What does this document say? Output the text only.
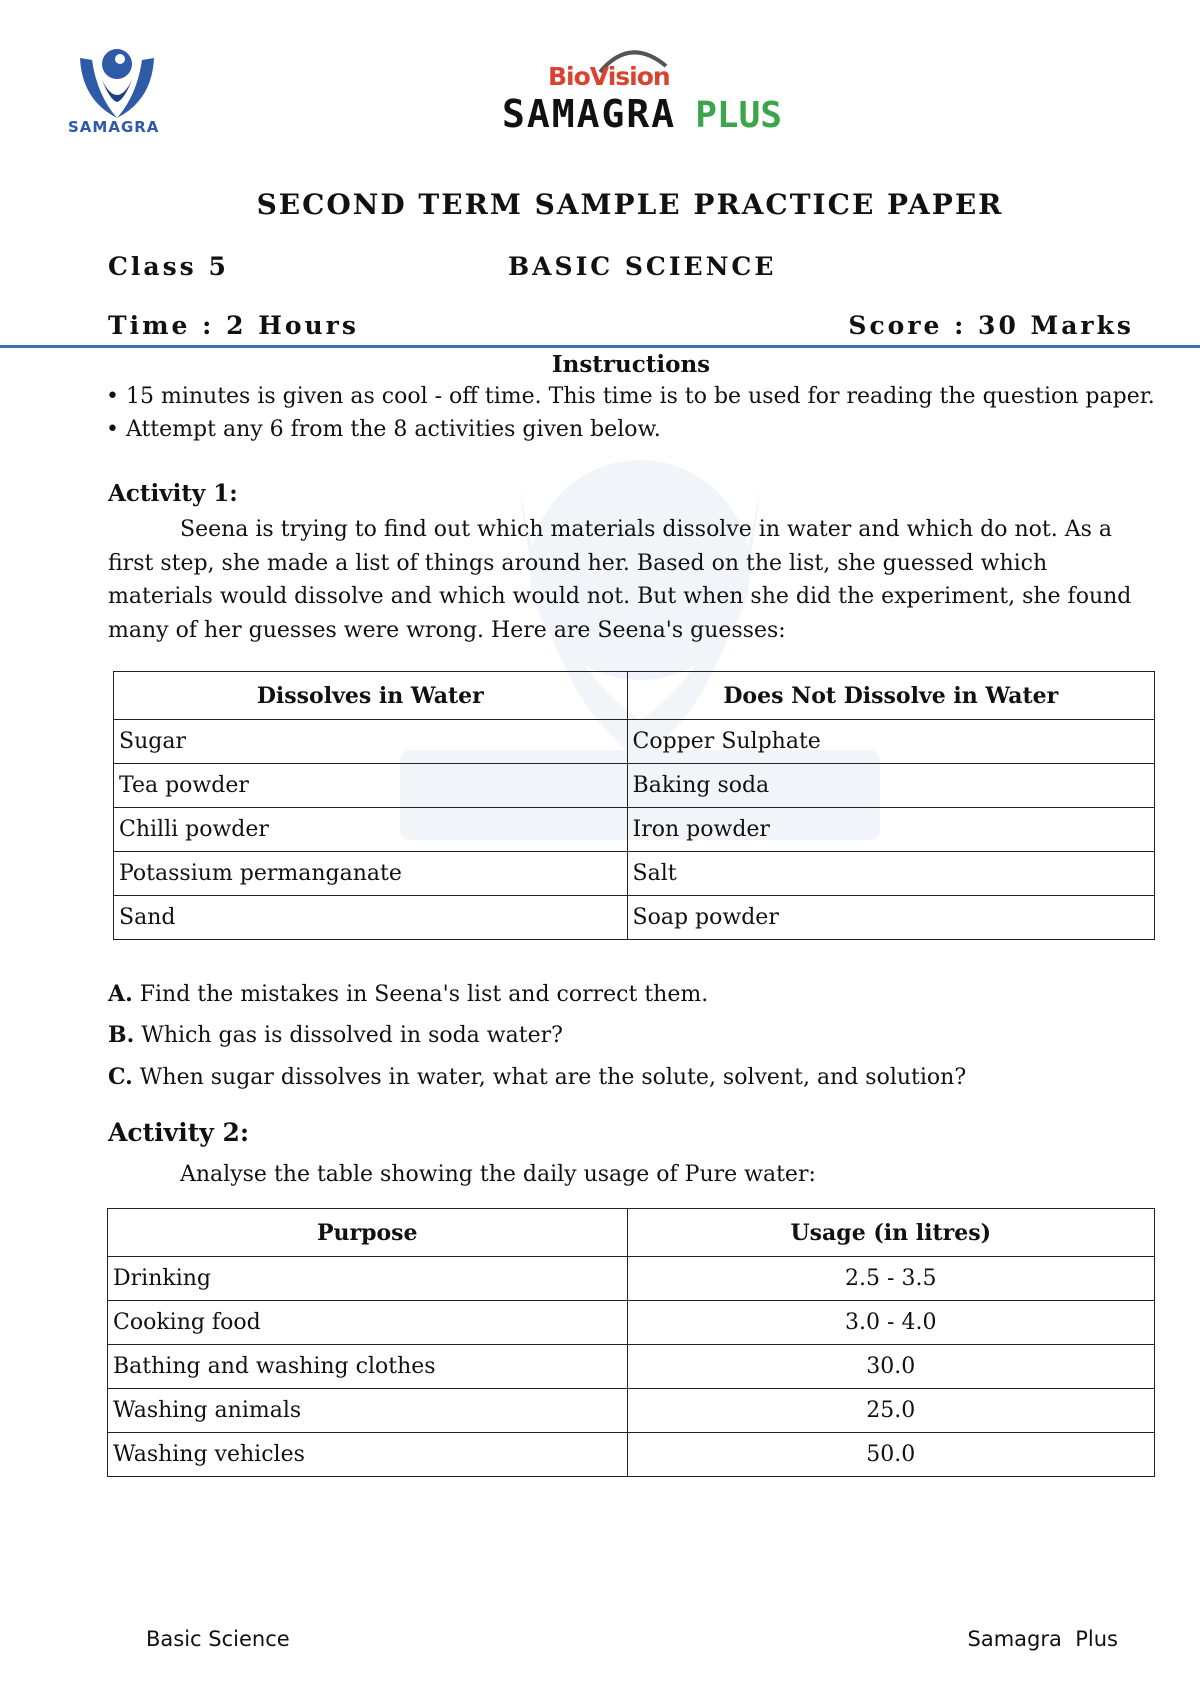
SAMAGRA
BioVision
SAMAGRA PLUS
SECOND TERM SAMPLE PRACTICE PAPER
Class 5	BASIC SCIENCE
Time : 2 Hours	Score : 30 Marks
Instructions
• 15 minutes is given as cool - off time. This time is to be used for reading the question paper.
• Attempt any 6 from the 8 activities given below.
Activity 1:
Seena is trying to find out which materials dissolve in water and which do not. As a first step, she made a list of things around her. Based on the list, she guessed which materials would dissolve and which would not. But when she did the experiment, she found many of her guesses were wrong. Here are Seena's guesses:
Dissolves in Water	Does Not Dissolve in Water
Sugar	Copper Sulphate
Tea powder	Baking soda
Chilli powder	Iron powder
Potassium permanganate	Salt
Sand	Soap powder
A. Find the mistakes in Seena's list and correct them.
B. Which gas is dissolved in soda water?
C. When sugar dissolves in water, what are the solute, solvent, and solution?
Activity 2:
Analyse the table showing the daily usage of Pure water:
Purpose	Usage (in litres)
Drinking	2.5 - 3.5
Cooking food	3.0 - 4.0
Bathing and washing clothes	30.0
Washing animals	25.0
Washing vehicles	50.0
Basic Science	Samagra  Plus
